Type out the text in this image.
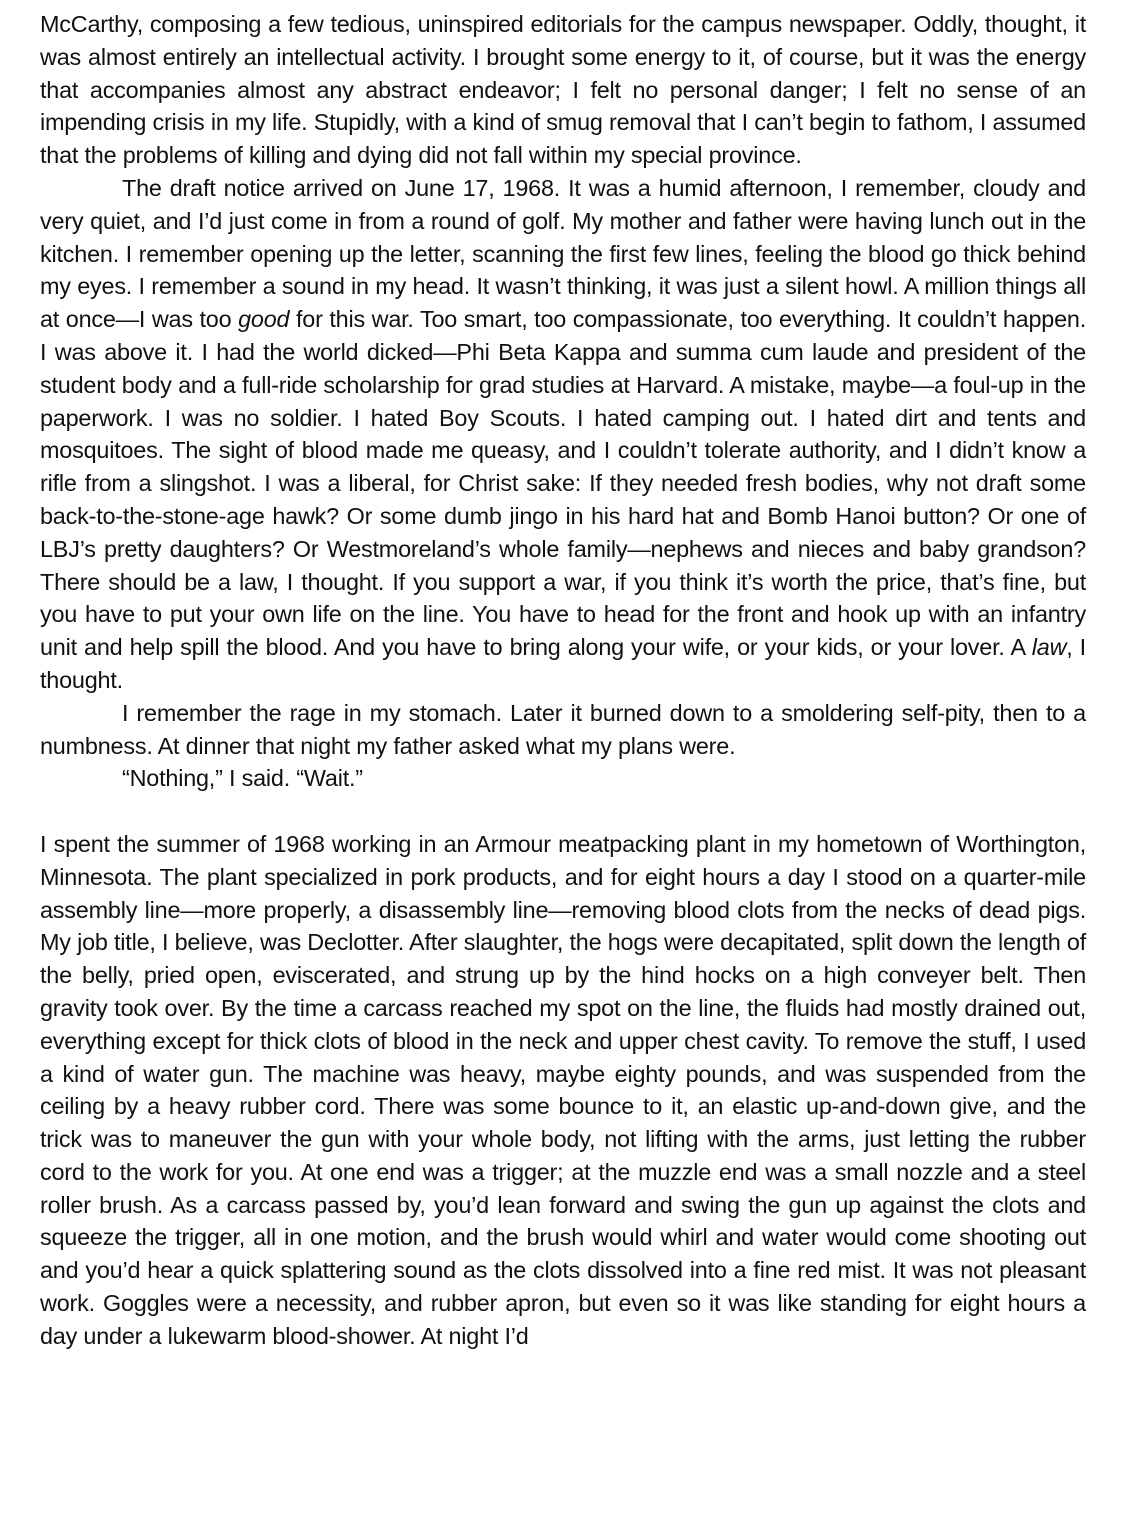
McCarthy, composing a few tedious, uninspired editorials for the campus newspaper. Oddly, thought, it was almost entirely an intellectual activity. I brought some energy to it, of course, but it was the energy that accompanies almost any abstract endeavor; I felt no personal danger; I felt no sense of an impending crisis in my life. Stupidly, with a kind of smug removal that I can’t begin to fathom, I assumed that the problems of killing and dying did not fall within my special province.

The draft notice arrived on June 17, 1968. It was a humid afternoon, I remember, cloudy and very quiet, and I’d just come in from a round of golf. My mother and father were having lunch out in the kitchen. I remember opening up the letter, scanning the first few lines, feeling the blood go thick behind my eyes. I remember a sound in my head. It wasn’t thinking, it was just a silent howl. A million things all at once—I was too good for this war. Too smart, too compassionate, too everything. It couldn’t happen. I was above it. I had the world dicked—Phi Beta Kappa and summa cum laude and president of the student body and a full-ride scholarship for grad studies at Harvard. A mistake, maybe—a foul-up in the paperwork. I was no soldier. I hated Boy Scouts. I hated camping out. I hated dirt and tents and mosquitoes. The sight of blood made me queasy, and I couldn’t tolerate authority, and I didn’t know a rifle from a slingshot. I was a liberal, for Christ sake: If they needed fresh bodies, why not draft some back-to-the-stone-age hawk? Or some dumb jingo in his hard hat and Bomb Hanoi button? Or one of LBJ’s pretty daughters? Or Westmoreland’s whole family—nephews and nieces and baby grandson? There should be a law, I thought. If you support a war, if you think it’s worth the price, that’s fine, but you have to put your own life on the line. You have to head for the front and hook up with an infantry unit and help spill the blood. And you have to bring along your wife, or your kids, or your lover. A law, I thought.

I remember the rage in my stomach. Later it burned down to a smoldering self-pity, then to a numbness. At dinner that night my father asked what my plans were.

“Nothing,” I said. “Wait.”

I spent the summer of 1968 working in an Armour meatpacking plant in my hometown of Worthington, Minnesota. The plant specialized in pork products, and for eight hours a day I stood on a quarter-mile assembly line—more properly, a disassembly line—removing blood clots from the necks of dead pigs. My job title, I believe, was Declotter. After slaughter, the hogs were decapitated, split down the length of the belly, pried open, eviscerated, and strung up by the hind hocks on a high conveyer belt. Then gravity took over. By the time a carcass reached my spot on the line, the fluids had mostly drained out, everything except for thick clots of blood in the neck and upper chest cavity. To remove the stuff, I used a kind of water gun. The machine was heavy, maybe eighty pounds, and was suspended from the ceiling by a heavy rubber cord. There was some bounce to it, an elastic up-and-down give, and the trick was to maneuver the gun with your whole body, not lifting with the arms, just letting the rubber cord to the work for you. At one end was a trigger; at the muzzle end was a small nozzle and a steel roller brush. As a carcass passed by, you’d lean forward and swing the gun up against the clots and squeeze the trigger, all in one motion, and the brush would whirl and water would come shooting out and you’d hear a quick splattering sound as the clots dissolved into a fine red mist. It was not pleasant work. Goggles were a necessity, and rubber apron, but even so it was like standing for eight hours a day under a lukewarm blood-shower. At night I’d
